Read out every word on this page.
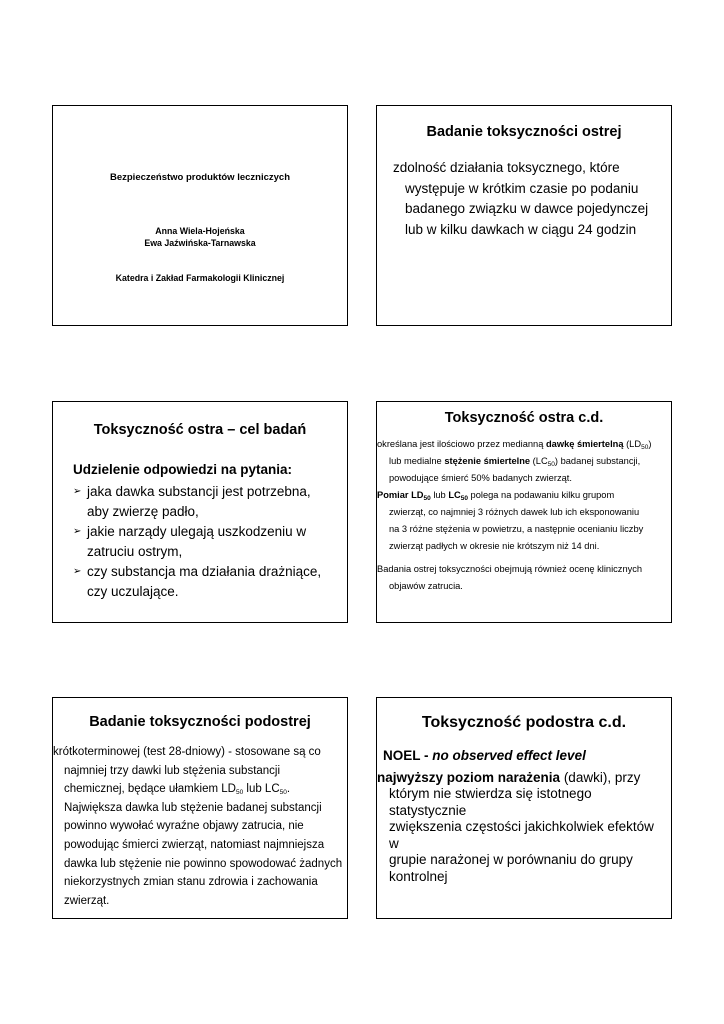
Bezpieczeństwo produktów leczniczych
Anna Wiela-Hojeńska
Ewa Jaźwińska-Tarnawska
Katedra i Zakład Farmakologii Klinicznej
Badanie toksyczności ostrej
zdolność działania toksycznego, które
występuje w krótkim czasie po podaniu
badanego związku w dawce pojedynczej
lub w kilku dawkach w ciągu 24 godzin
Toksyczność ostra – cel badań
Udzielenie odpowiedzi na pytania:
➢ jaka dawka substancji jest potrzebna,
aby zwierzę padło,
➢ jakie narządy ulegają uszkodzeniu w
zatruciu ostrym,
➢ czy substancja ma działania drażniące,
czy uczulające.
Toksyczność ostra c.d.

określana jest ilościowo przez medianną dawkę śmiertelną $(LD_{50})$
lub medialne stężenie śmiertelne $(LC_{50})$ badanej substancji,
powodujące śmierć 50% badanych zwierząt.

Pomiar $LD_{50}$ lub $LC_{50}$ polega na podawaniu kilku grupom
zwierząt, co najmniej 3 różnych dawek lub ich eksponowaniu
na 3 różne stężenia w powietrzu, a następnie ocenianiu liczby
zwierząt padłych w okresie nie krótszym niż 14 dni.

Badania ostrej toksyczności obejmują również ocenę klinicznych
objawów zatrucia.

Badanie toksyczności podostrej
krótkoterminowej (test 28-dniowy) - stosowane są co
najmniej trzy dawki lub stężenia substancji
chemicznej, będące ułamkiem $LD_{50}$ lub $LC_{50}$.
Największa dawka lub stężenie badanej substancji
powinno wywołać wyraźne objawy zatrucia, nie
powodując śmierci zwierząt, natomiast najmniejsza
dawka lub stężenie nie powinno spowodować żadnych
niekorzystnych zmian stanu zdrowia i zachowania
zwierząt.
Toksyczność podostra c.d.
NOEL - no observed effect level
najwyższy poziom narażenia (dawki), przy
którym nie stwierdza się istotnego statystycznie
zwiększenia częstości jakichkolwiek efektów w
grupie narażonej w porównaniu do grupy
kontrolnej
